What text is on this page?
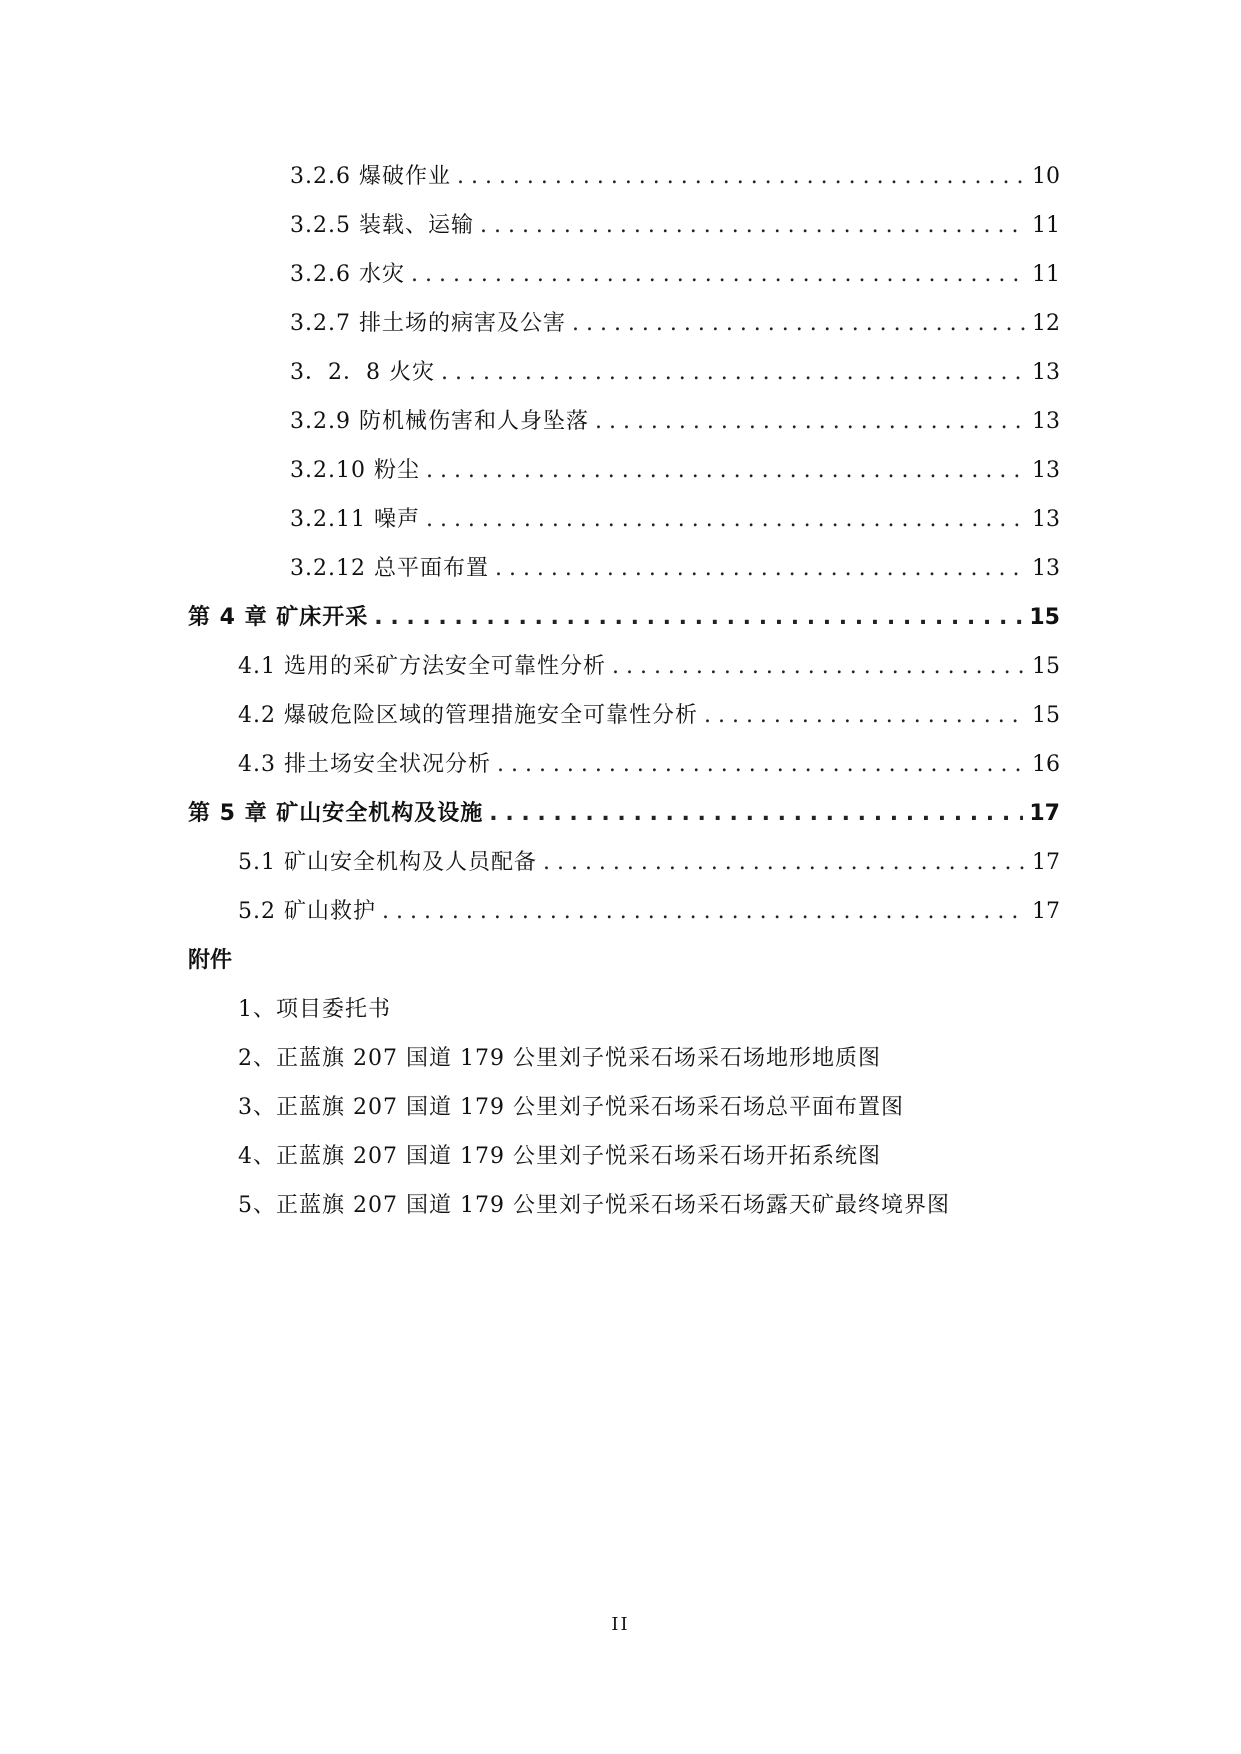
3.2.6 爆破作业 . . .	10
3.2.5 装载、运输 . . .	11
3.2.6 水灾 . . .	11
3.2.7 排土场的病害及公害 . . .	12
3．2．8 火灾 . . .	13
3.2.9 防机械伤害和人身坠落 . . .	13
3.2.10 粉尘 . . .	13
3.2.11 噪声 . . .	13
3.2.12 总平面布置 . . .	13
第 4 章 矿床开采 . . .	15
4.1 选用的采矿方法安全可靠性分析 . . .	15
4.2 爆破危险区域的管理措施安全可靠性分析 . . .	15
4.3 排土场安全状况分析 . . .	16
第 5 章 矿山安全机构及设施 . . .	17
5.1 矿山安全机构及人员配备 . . .	17
5.2 矿山救护 . . .	17
附件
1、项目委托书
2、正蓝旗 207 国道 179 公里刘子悦采石场采石场地形地质图
3、正蓝旗 207 国道 179 公里刘子悦采石场采石场总平面布置图
4、正蓝旗 207 国道 179 公里刘子悦采石场采石场开拓系统图
5、正蓝旗 207 国道 179 公里刘子悦采石场采石场露天矿最终境界图
II
